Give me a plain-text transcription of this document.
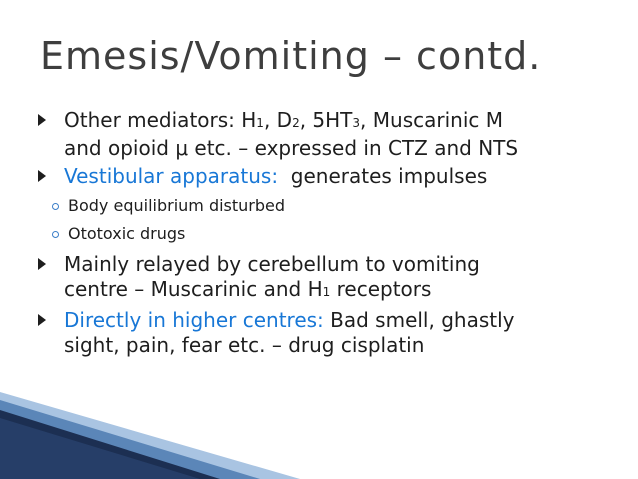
Emesis/Vomiting – contd.
Other mediators: H1, D2, 5HT3, Muscarinic M
and opioid μ etc. – expressed in CTZ and NTS
Vestibular apparatus:  generates impulses
Body equilibrium disturbed
Ototoxic drugs
Mainly relayed by cerebellum to vomiting
centre – Muscarinic and H1 receptors
Directly in higher centres: Bad smell, ghastly
sight, pain, fear etc. – drug cisplatin
